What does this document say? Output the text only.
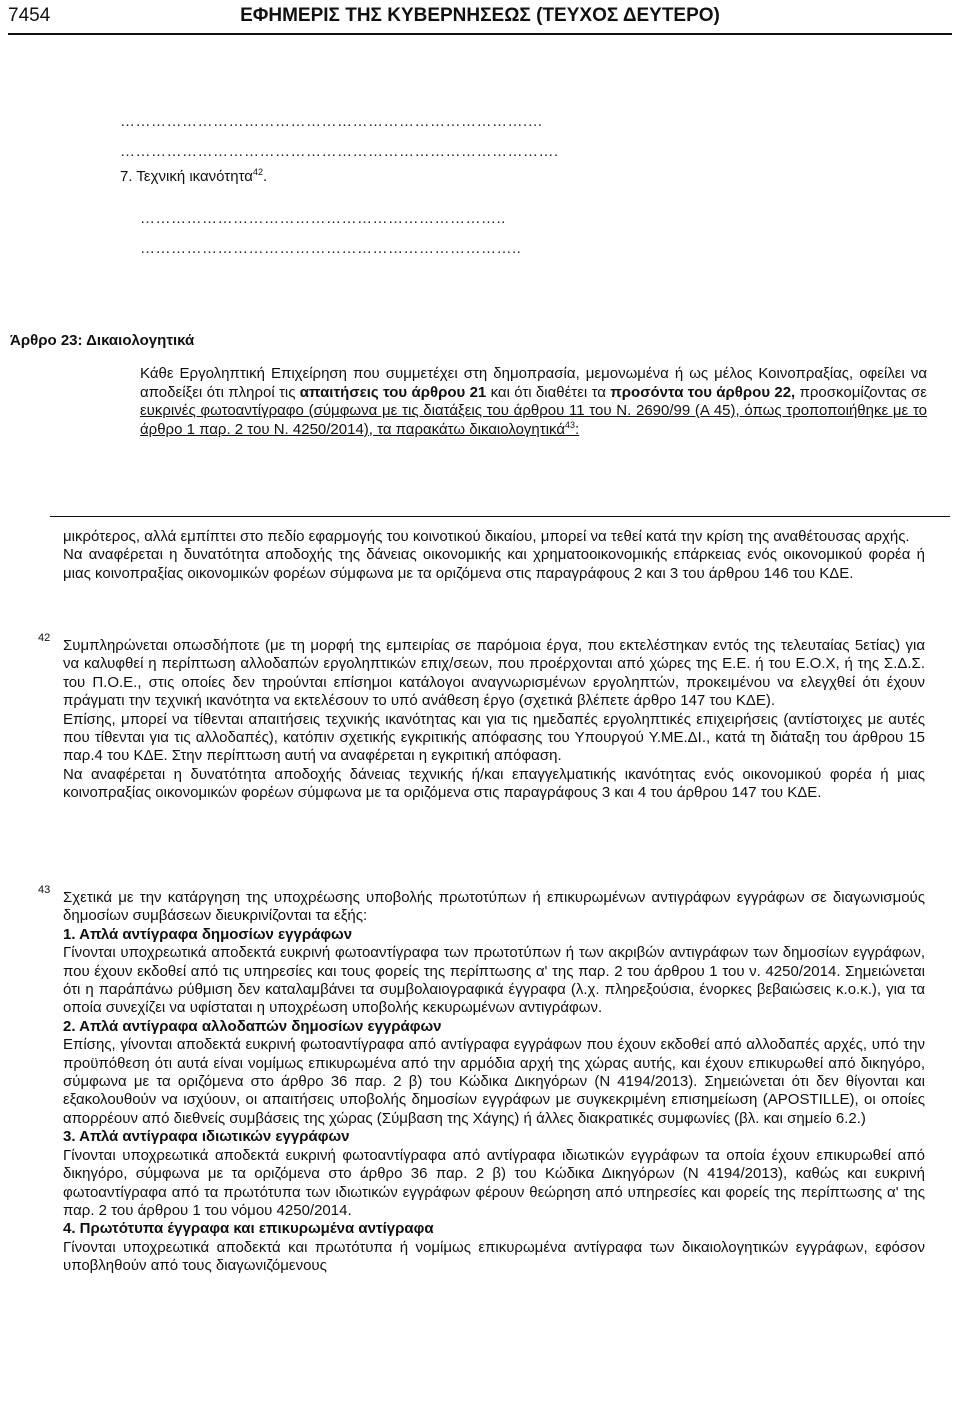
7454	ΕΦΗΜΕΡΙΣ ΤΗΣ ΚΥΒΕΡΝΗΣΕΩΣ (ΤΕΥΧΟΣ ΔΕΥΤΕΡΟ)
…………………………………………………………………….…
………………………………………………………………………….
7. Τεχνική ικανότητα$^{42}$.
……………………………………………………………..
………………………………………………………………..
Άρθρο 23: Δικαιολογητικά
Κάθε Εργοληπτική Επιχείρηση που συμμετέχει στη δημοπρασία, μεμονωμένα ή ως μέλος Κοινοπραξίας, οφείλει να αποδείξει ότι πληροί τις απαιτήσεις του άρθρου 21 και ότι διαθέτει τα προσόντα του άρθρου 22, προσκομίζοντας σε ευκρινές φωτοαντίγραφο (σύμφωνα με τις διατάξεις του άρθρου 11 του Ν. 2690/99 (Α 45), όπως τροποποιήθηκε με το άρθρο 1 παρ. 2 του Ν. 4250/2014), τα παρακάτω δικαιολογητικά$^{43}$:

μικρότερος, αλλά εμπίπτει στο πεδίο εφαρμογής του κοινοτικού δικαίου, μπορεί να τεθεί κατά την κρίση της αναθέτουσας αρχής.

Να αναφέρεται η δυνατότητα αποδοχής της δάνειας οικονομικής και χρηματοοικονομικής επάρκειας ενός οικονομικού φορέα ή μιας κοινοπραξίας οικονομικών φορέων σύμφωνα με τα οριζόμενα στις παραγράφους 2 και 3 του άρθρου 146 του ΚΔΕ.

42 Συμπληρώνεται οπωσδήποτε (με τη μορφή της εμπειρίας σε παρόμοια έργα, που εκτελέστηκαν εντός της τελευταίας 5ετίας) για να καλυφθεί η περίπτωση αλλοδαπών εργοληπτικών επιχ/σεων, που προέρχονται από χώρες της Ε.Ε. ή του Ε.Ο.Χ, ή της Σ.Δ.Σ. του Π.Ο.Ε., στις οποίες δεν τηρούνται επίσημοι κατάλογοι αναγνωρισμένων εργοληπτών, προκειμένου να ελεγχθεί ότι έχουν πράγματι την τεχνική ικανότητα να εκτελέσουν το υπό ανάθεση έργο (σχετικά βλέπετε άρθρο 147 του ΚΔΕ).

Επίσης, μπορεί να τίθενται απαιτήσεις τεχνικής ικανότητας και για τις ημεδαπές εργοληπτικές επιχειρήσεις (αντίστοιχες με αυτές που τίθενται για τις αλλοδαπές), κατόπιν σχετικής εγκριτικής απόφασης του Υπουργού Υ.ΜΕ.ΔΙ., κατά τη διάταξη του άρθρου 15 παρ.4 του ΚΔΕ. Στην περίπτωση αυτή να αναφέρεται η εγκριτική απόφαση.

Να αναφέρεται η δυνατότητα αποδοχής δάνειας τεχνικής ή/και επαγγελματικής ικανότητας ενός οικονομικού φορέα ή μιας κοινοπραξίας οικονομικών φορέων σύμφωνα με τα οριζόμενα στις παραγράφους 3 και 4 του άρθρου 147 του ΚΔΕ.

43 Σχετικά με την κατάργηση της υποχρέωσης υποβολής πρωτοτύπων ή επικυρωμένων αντιγράφων εγγράφων σε διαγωνισμούς δημοσίων συμβάσεων διευκρινίζονται τα εξής:

1. Απλά αντίγραφα δημοσίων εγγράφων

Γίνονται υποχρεωτικά αποδεκτά ευκρινή φωτοαντίγραφα των πρωτοτύπων ή των ακριβών αντιγράφων των δημοσίων εγγράφων, που έχουν εκδοθεί από τις υπηρεσίες και τους φορείς της περίπτωσης α' της παρ. 2 του άρθρου 1 του ν. 4250/2014. Σημειώνεται ότι η παράπάνω ρύθμιση δεν καταλαμβάνει τα συμβολαιογραφικά έγγραφα (λ.χ. πληρεξούσια, ένορκες βεβαιώσεις κ.ο.κ.), για τα οποία συνεχίζει να υφίσταται η υποχρέωση υποβολής κεκυρωμένων αντιγράφων.

2. Απλά αντίγραφα αλλοδαπών δημοσίων εγγράφων

Επίσης, γίνονται αποδεκτά ευκρινή φωτοαντίγραφα από αντίγραφα εγγράφων που έχουν εκδοθεί από αλλοδαπές αρχές, υπό την προϋπόθεση ότι αυτά είναι νομίμως επικυρωμένα από την αρμόδια αρχή της χώρας αυτής, και έχουν επικυρωθεί από δικηγόρο, σύμφωνα με τα οριζόμενα στο άρθρο 36 παρ. 2 β) του Κώδικα Δικηγόρων (Ν 4194/2013). Σημειώνεται ότι δεν θίγονται και εξακολουθούν να ισχύουν, οι απαιτήσεις υποβολής δημοσίων εγγράφων με συγκεκριμένη επισημείωση (APOSTILLE), οι οποίες απορρέουν από διεθνείς συμβάσεις της χώρας (Σύμβαση της Χάγης) ή άλλες διακρατικές συμφωνίες (βλ. και σημείο 6.2.)

3. Απλά αντίγραφα ιδιωτικών εγγράφων

Γίνονται υποχρεωτικά αποδεκτά ευκρινή φωτοαντίγραφα από αντίγραφα ιδιωτικών εγγράφων τα οποία έχουν επικυρωθεί από δικηγόρο, σύμφωνα με τα οριζόμενα στο άρθρο 36 παρ. 2 β) του Κώδικα Δικηγόρων (Ν 4194/2013), καθώς και ευκρινή φωτοαντίγραφα από τα πρωτότυπα των ιδιωτικών εγγράφων φέρουν θεώρηση από υπηρεσίες και φορείς της περίπτωσης α' της παρ. 2 του άρθρου 1 του νόμου 4250/2014.

4. Πρωτότυπα έγγραφα και επικυρωμένα αντίγραφα

Γίνονται υποχρεωτικά αποδεκτά και πρωτότυπα ή νομίμως επικυρωμένα αντίγραφα των δικαιολογητικών εγγράφων, εφόσον υποβληθούν από τους διαγωνιζόμενους
